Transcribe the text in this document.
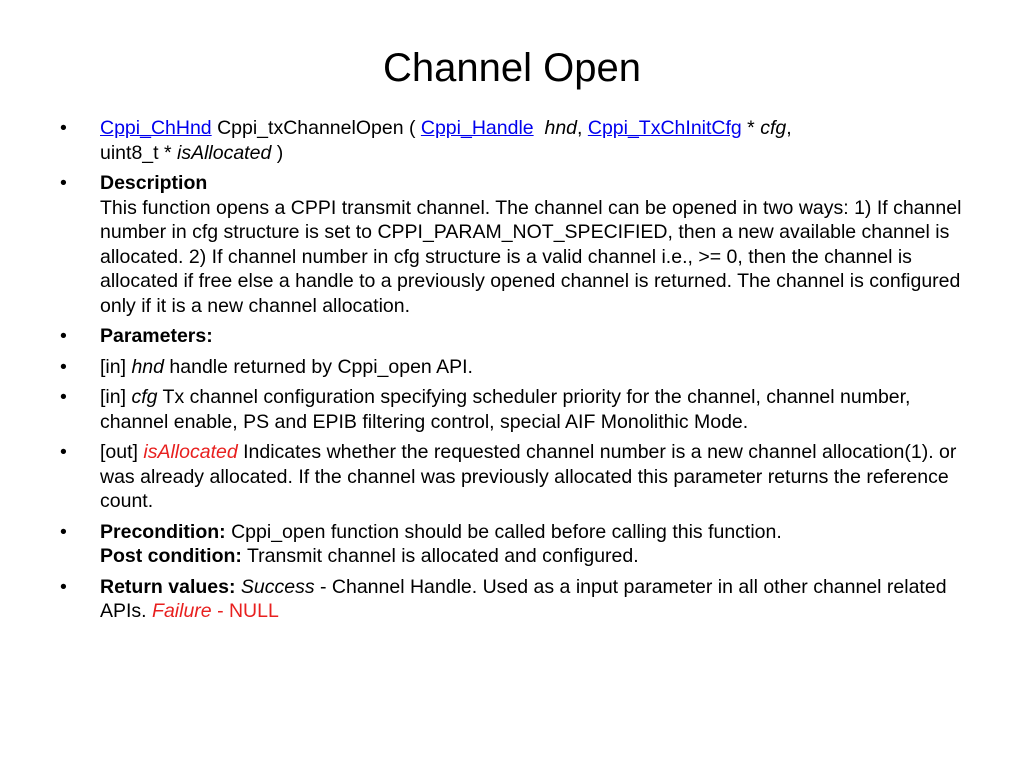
Channel Open
•	Cppi_ChHnd Cppi_txChannelOpen ( Cppi_Handle hnd, Cppi_TxChInitCfg * cfg,
uint8_t * isAllocated )
•	Description
This function opens a CPPI transmit channel. The channel can be opened in two ways: 1) If channel number in cfg structure is set to CPPI_PARAM_NOT_SPECIFIED, then a new available channel is allocated. 2) If channel number in cfg structure is a valid channel i.e., >= 0, then the channel is allocated if free else a handle to a previously opened channel is returned. The channel is configured only if it is a new channel allocation.
•	Parameters:
•	[in] hnd handle returned by Cppi_open API.
•	[in] cfg Tx channel configuration specifying scheduler priority for the channel, channel number, channel enable, PS and EPIB filtering control, special AIF Monolithic Mode.
•	[out] isAllocated Indicates whether the requested channel number is a new channel allocation(1). or was already allocated. If the channel was previously allocated this parameter returns the reference count.
•	Precondition: Cppi_open function should be called before calling this function.
Post condition: Transmit channel is allocated and configured.
•	Return values: Success - Channel Handle. Used as a input parameter in all other channel related APIs. Failure - NULL
